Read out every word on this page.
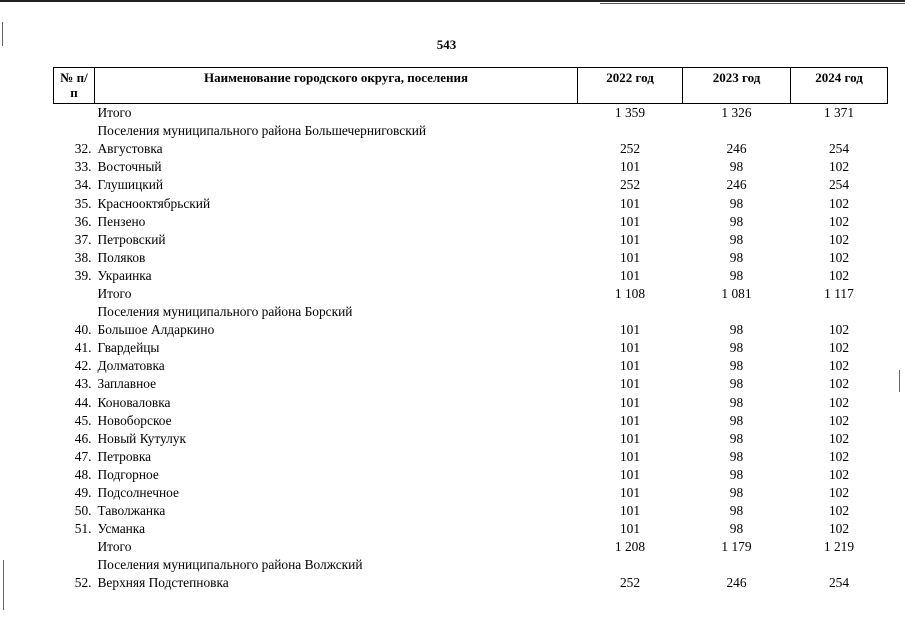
543
№ п/п	Наименование городского округа, поселения	2022 год	2023 год	2024 год
	Итого	1 359	1 326	1 371
	Поселения муниципального района Большечерниговский			
32.	Августовка	252	246	254
33.	Восточный	101	98	102
34.	Глушицкий	252	246	254
35.	Краснооктябрьский	101	98	102
36.	Пензено	101	98	102
37.	Петровский	101	98	102
38.	Поляков	101	98	102
39.	Украинка	101	98	102
	Итого	1 108	1 081	1 117
	Поселения муниципального района Борский			
40.	Большое Алдаркино	101	98	102
41.	Гвардейцы	101	98	102
42.	Долматовка	101	98	102
43.	Заплавное	101	98	102
44.	Коноваловка	101	98	102
45.	Новоборское	101	98	102
46.	Новый Кутулук	101	98	102
47.	Петровка	101	98	102
48.	Подгорное	101	98	102
49.	Подсолнечное	101	98	102
50.	Таволжанка	101	98	102
51.	Усманка	101	98	102
	Итого	1 208	1 179	1 219
	Поселения муниципального района Волжский			
52.	Верхняя Подстепновка	252	246	254
